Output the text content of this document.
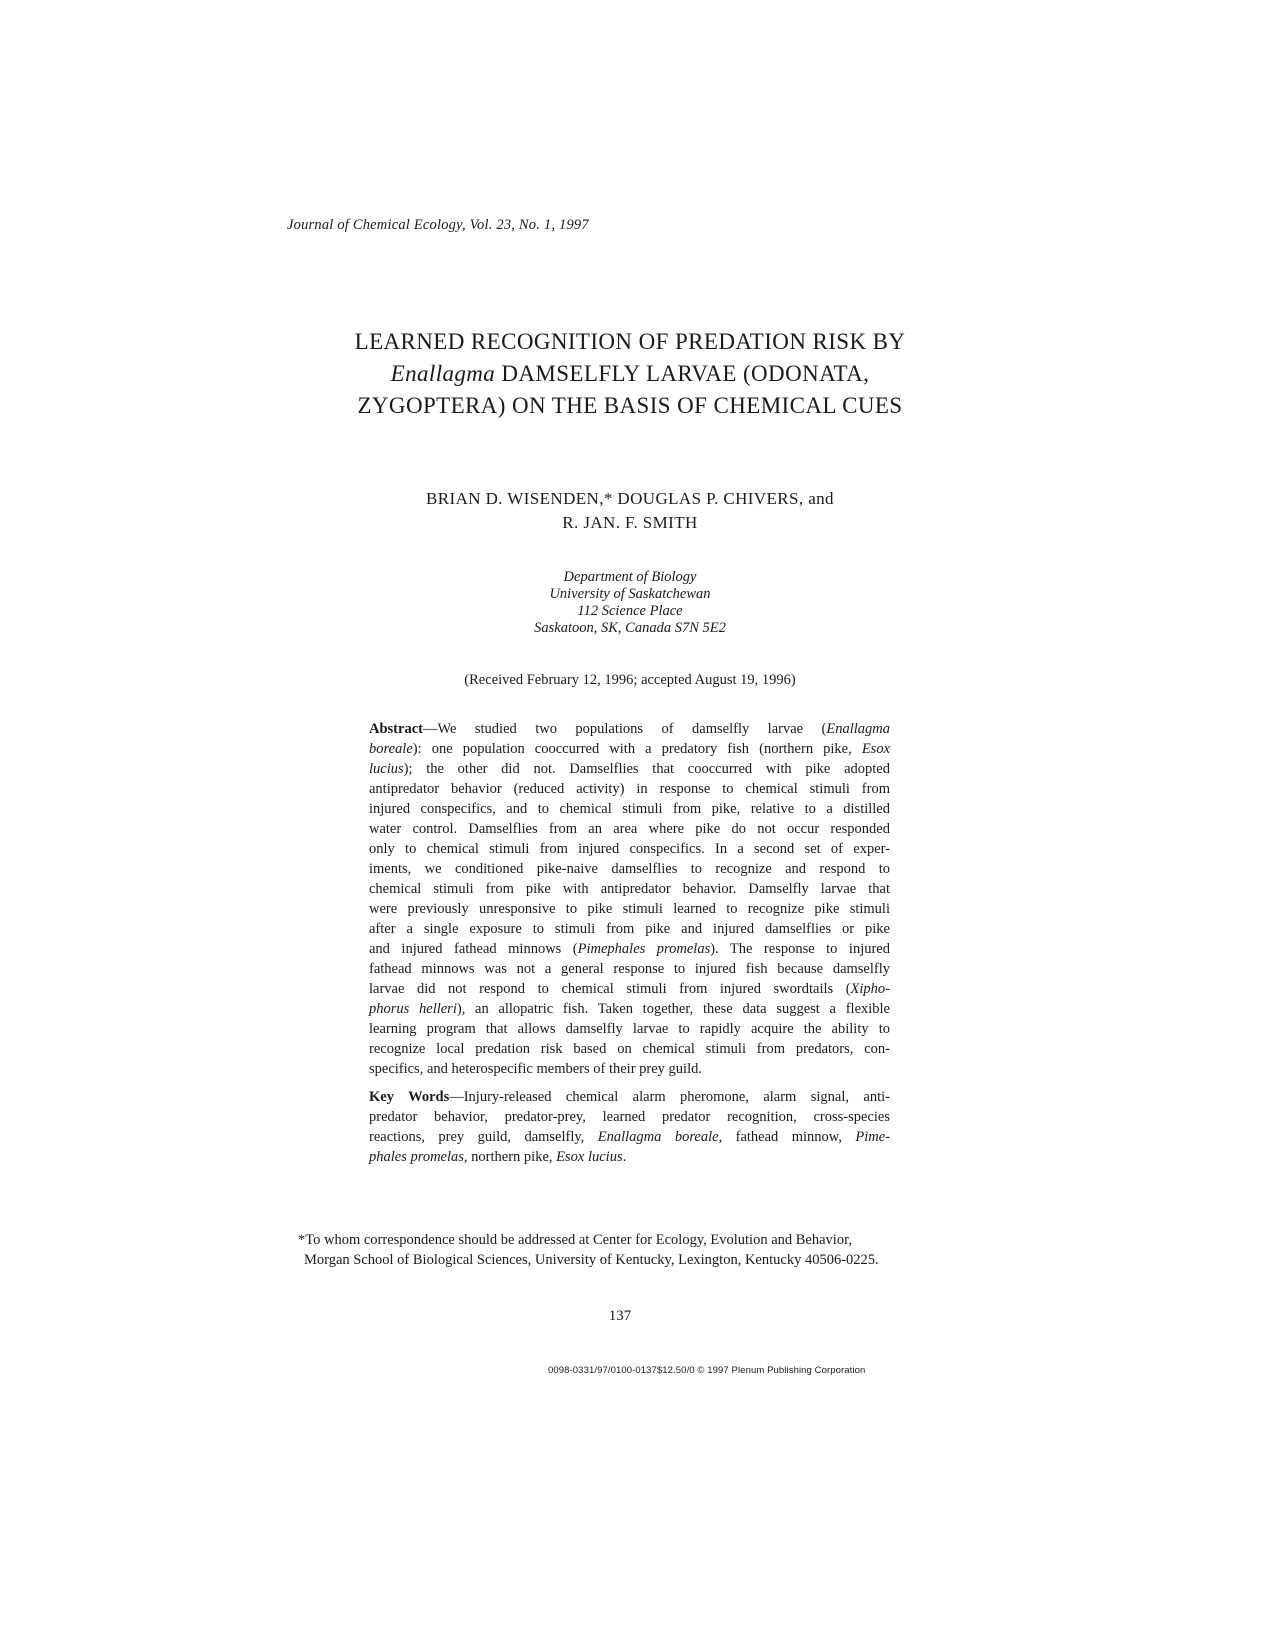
Journal of Chemical Ecology, Vol. 23, No. 1, 1997
LEARNED RECOGNITION OF PREDATION RISK BY
Enallagma DAMSELFLY LARVAE (ODONATA,
ZYGOPTERA) ON THE BASIS OF CHEMICAL CUES
BRIAN D. WISENDEN,* DOUGLAS P. CHIVERS, and
R. JAN. F. SMITH
Department of Biology
University of Saskatchewan
112 Science Place
Saskatoon, SK, Canada S7N 5E2
(Received February 12, 1996; accepted August 19, 1996)
Abstract—We studied two populations of damselfly larvae (Enallagma
boreale): one population cooccurred with a predatory fish (northern pike, Esox
lucius); the other did not. Damselflies that cooccurred with pike adopted
antipredator behavior (reduced activity) in response to chemical stimuli from
injured conspecifics, and to chemical stimuli from pike, relative to a distilled
water control. Damselflies from an area where pike do not occur responded
only to chemical stimuli from injured conspecifics. In a second set of exper-
iments, we conditioned pike-naive damselflies to recognize and respond to
chemical stimuli from pike with antipredator behavior. Damselfly larvae that
were previously unresponsive to pike stimuli learned to recognize pike stimuli
after a single exposure to stimuli from pike and injured damselflies or pike
and injured fathead minnows (Pimephales promelas). The response to injured
fathead minnows was not a general response to injured fish because damselfly
larvae did not respond to chemical stimuli from injured swordtails (Xipho-
phorus helleri), an allopatric fish. Taken together, these data suggest a flexible
learning program that allows damselfly larvae to rapidly acquire the ability to
recognize local predation risk based on chemical stimuli from predators, con-
specifics, and heterospecific members of their prey guild.
Key Words—Injury-released chemical alarm pheromone, alarm signal, anti-
predator behavior, predator-prey, learned predator recognition, cross-species
reactions, prey guild, damselfly, Enallagma boreale, fathead minnow, Pime-
phales promelas, northern pike, Esox lucius.
*To whom correspondence should be addressed at Center for Ecology, Evolution and Behavior,
Morgan School of Biological Sciences, University of Kentucky, Lexington, Kentucky 40506-0225.
137
0098-0331/97/0100-0137$12.50/0 © 1997 Plenum Publishing Corporation
